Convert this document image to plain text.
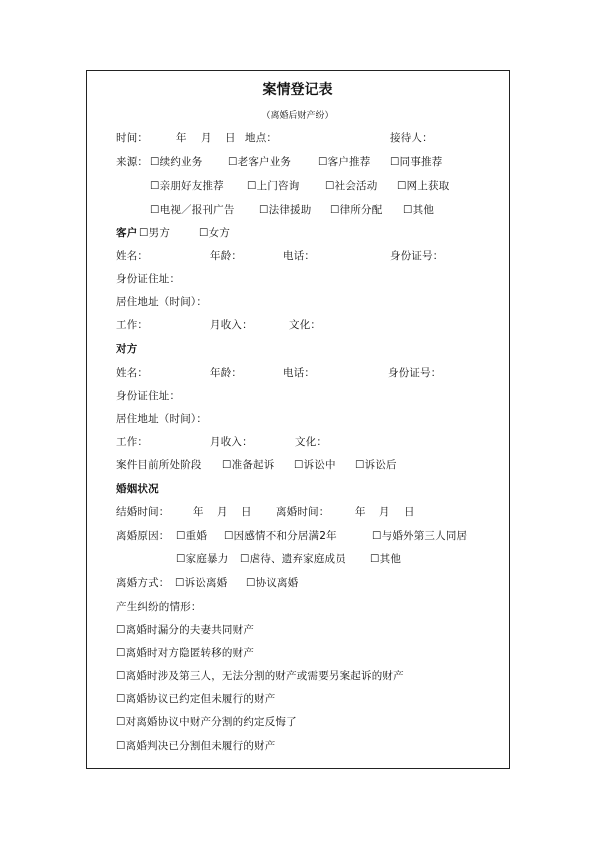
案情登记表
（离婚后财产纷）
时间：	年 月 日 地点：	接待人：
来源： ☐续约业务 ☐老客户业务	☐客户推荐 ☐同事推荐
☐亲朋好友推荐 ☐上门咨询 ☐社会活动 ☐网上获取
☐电视／报刊广告 ☐法律援助 ☐律所分配 ☐其他
客户 ☐男方	☐女方
姓名：	年龄：	电话：	身份证号：
身份证住址：
居住地址（时间）：
工作：	月收入：	文化：
对方
姓名：	年龄：	电话：	身份证号：
身份证住址：
居住地址（时间）：
工作：	月收入：	文化：
案件目前所处阶段 ☐准备起诉 ☐诉讼中 ☐诉讼后
婚姻状况
结婚时间： 年 月 日 离婚时间： 年 月 日
离婚原因： ☐重婚 ☐因感情不和分居满2年	☐与婚外第三人同居
☐家庭暴力 ☐虐待、遗弃家庭成员 ☐其他
离婚方式： ☐诉讼离婚 ☐协议离婚
产生纠纷的情形：
☐离婚时漏分的夫妻共同财产
☐离婚时对方隐匿转移的财产
☐离婚时涉及第三人，无法分割的财产或需要另案起诉的财产
☐离婚协议已约定但未履行的财产
☐对离婚协议中财产分割的约定反悔了
☐离婚判决已分割但未履行的财产
